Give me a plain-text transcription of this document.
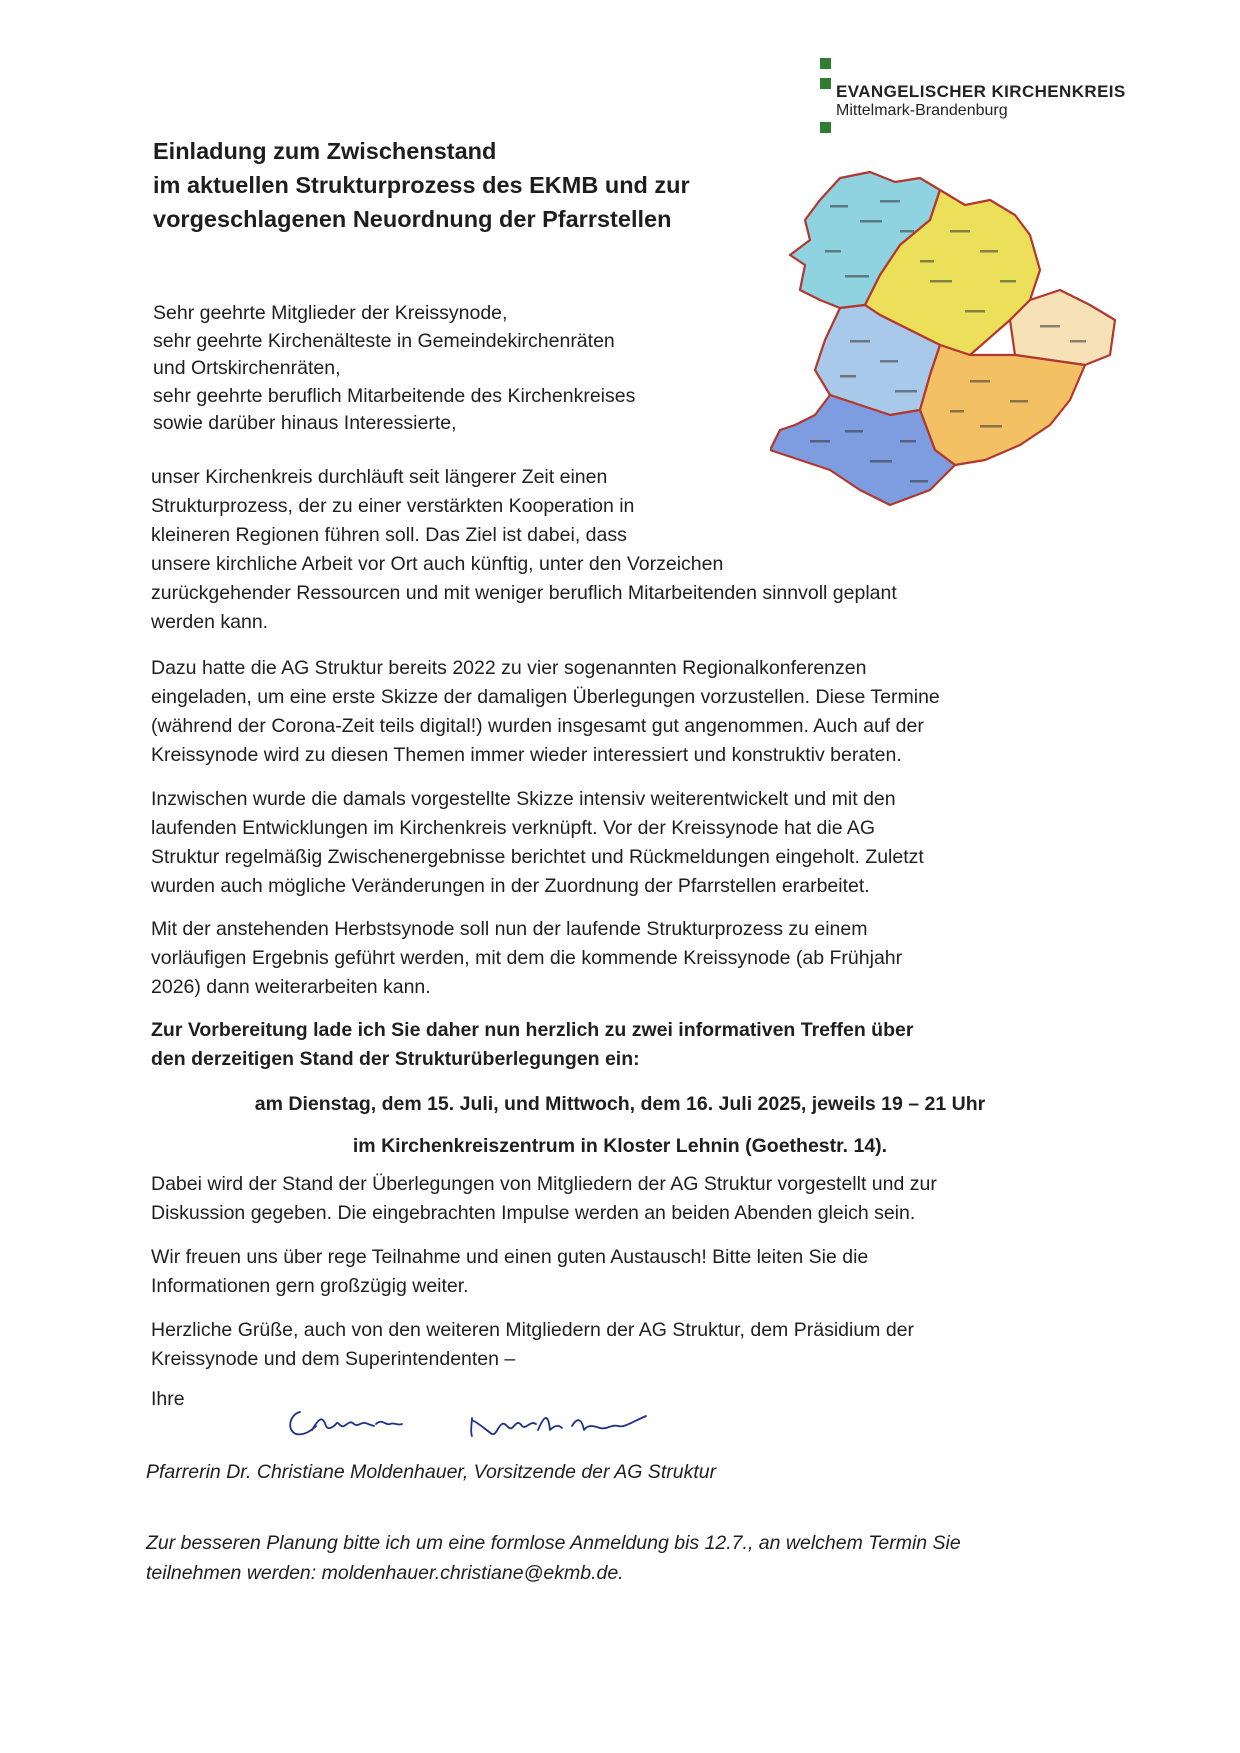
EVANGELISCHER KIRCHENKREIS
Mittelmark-Brandenburg
Einladung zum Zwischenstand
im aktuellen Strukturprozess des EKMB und zur
vorgeschlagenen Neuordnung der Pfarrstellen
Sehr geehrte Mitglieder der Kreissynode,
sehr geehrte Kirchenälteste in Gemeindekirchenräten
und Ortskirchenräten,
sehr geehrte beruflich Mitarbeitende des Kirchenkreises
sowie darüber hinaus Interessierte,
unser Kirchenkreis durchläuft seit längerer Zeit einen
Strukturprozess, der zu einer verstärkten Kooperation in
kleineren Regionen führen soll. Das Ziel ist dabei, dass
unsere kirchliche Arbeit vor Ort auch künftig, unter den Vorzeichen
zurückgehender Ressourcen und mit weniger beruflich Mitarbeitenden sinnvoll geplant
werden kann.
Dazu hatte die AG Struktur bereits 2022 zu vier sogenannten Regionalkonferenzen
eingeladen, um eine erste Skizze der damaligen Überlegungen vorzustellen. Diese Termine
(während der Corona-Zeit teils digital!) wurden insgesamt gut angenommen. Auch auf der
Kreissynode wird zu diesen Themen immer wieder interessiert und konstruktiv beraten.
Inzwischen wurde die damals vorgestellte Skizze intensiv weiterentwickelt und mit den
laufenden Entwicklungen im Kirchenkreis verknüpft. Vor der Kreissynode hat die AG
Struktur regelmäßig Zwischenergebnisse berichtet und Rückmeldungen eingeholt. Zuletzt
wurden auch mögliche Veränderungen in der Zuordnung der Pfarrstellen erarbeitet.
Mit der anstehenden Herbstsynode soll nun der laufende Strukturprozess zu einem
vorläufigen Ergebnis geführt werden, mit dem die kommende Kreissynode (ab Frühjahr
2026) dann weiterarbeiten kann.
Zur Vorbereitung lade ich Sie daher nun herzlich zu zwei informativen Treffen über
den derzeitigen Stand der Strukturüberlegungen ein:
am Dienstag, dem 15. Juli, und Mittwoch, dem 16. Juli 2025, jeweils 19 – 21 Uhr
im Kirchenkreiszentrum in Kloster Lehnin (Goethestr. 14).
Dabei wird der Stand der Überlegungen von Mitgliedern der AG Struktur vorgestellt und zur
Diskussion gegeben. Die eingebrachten Impulse werden an beiden Abenden gleich sein.
Wir freuen uns über rege Teilnahme und einen guten Austausch! Bitte leiten Sie die
Informationen gern großzügig weiter.
Herzliche Grüße, auch von den weiteren Mitgliedern der AG Struktur, dem Präsidium der
Kreissynode und dem Superintendenten –
Ihre
Pfarrerin Dr. Christiane Moldenhauer, Vorsitzende der AG Struktur
Zur besseren Planung bitte ich um eine formlose Anmeldung bis 12.7., an welchem Termin Sie
teilnehmen werden: moldenhauer.christiane@ekmb.de.
